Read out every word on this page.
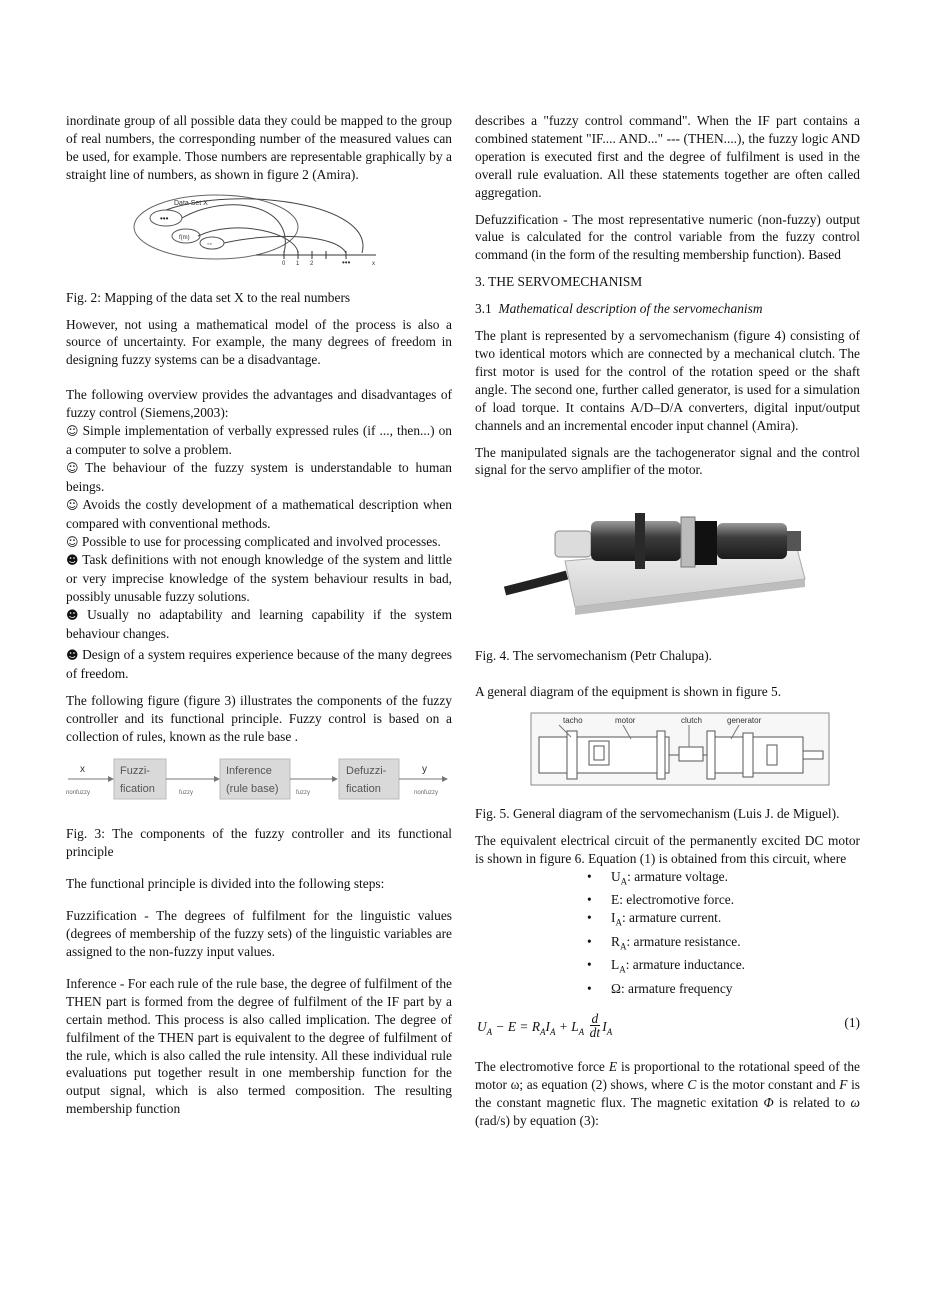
inordinate group of all possible data they could be mapped to the group of real numbers, the corresponding number of the measured values can be used, for example. Those numbers are representable graphically by a straight line of numbers, as shown in figure 2 (Amira).

Data Set X
•••
f(m)
◦◦
0 1 2	•••	x

Fig. 2: Mapping of the data set X to the real numbers

However, not using a mathematical model of the process is also a source of uncertainty. For example, the many degrees of freedom in designing fuzzy systems can be a disadvantage.

The following overview provides the advantages and disadvantages of fuzzy control (Siemens,2003):

☺ Simple implementation of verbally expressed rules (if ..., then...) on a computer to solve a problem.

☺ The behaviour of the fuzzy system is understandable to human beings.

☺ Avoids the costly development of a mathematical description when compared with conventional methods.

☺ Possible to use for processing complicated and involved processes.

☻ Task definitions with not enough knowledge of the system and little or very imprecise knowledge of the system behaviour results in bad, possibly unusable fuzzy solutions.

☻ Usually no adaptability and learning capability if the system behaviour changes.

☻ Design of a system requires experience because of the many degrees of freedom.

The following figure (figure 3) illustrates the components of the fuzzy controller and its functional principle. Fuzzy control is based on a collection of rules, known as the rule base .

x
nonfuzzy
Fuzzi-
fication	fuzzy
Inference
(rule base)	fuzzy
Defuzzi-
fication
y
nonfuzzy

Fig. 3: The components of the fuzzy controller and its functional principle

The functional principle is divided into the following steps:

Fuzzification - The degrees of fulfilment for the linguistic values (degrees of membership of the fuzzy sets) of the linguistic variables are assigned to the non-fuzzy input values.

Inference - For each rule of the rule base, the degree of fulfilment of the THEN part is formed from the degree of fulfilment of the IF part by a certain method. This process is also called implication. The degree of fulfilment of the THEN part is equivalent to the degree of fulfilment of the rule, which is also called the rule intensity. All these individual rule evaluations put together result in one membership function for the output signal, which is also termed composition. The resulting membership function

describes a "fuzzy control command". When the IF part contains a combined statement "IF.... AND..." --- (THEN....), the fuzzy logic AND operation is executed first and the degree of fulfilment is used in the overall rule evaluation. All these statements together are often called aggregation.

Defuzzification - The most representative numeric (non-fuzzy) output value is calculated for the control variable from the fuzzy control command (in the form of the resulting membership function). Based

3. THE SERVOMECHANISM

3.1 Mathematical description of the servomechanism

The plant is represented by a servomechanism (figure 4) consisting of two identical motors which are connected by a mechanical clutch. The first motor is used for the control of the rotation speed or the shaft angle. The second one, further called generator, is used for a simulation of load torque. It contains A/D–D/A converters, digital input/output channels and an incremental encoder input channel (Amira).

The manipulated signals are the tachogenerator signal and the control signal for the servo amplifier of the motor.

Fig. 4. The servomechanism (Petr Chalupa).

A general diagram of the equipment is shown in figure 5.

tacho	motor	clutch	generator

Fig. 5. General diagram of the servomechanism (Luis J. de Miguel).

The equivalent electrical circuit of the permanently excited DC motor is shown in figure 6. Equation (1) is obtained from this circuit, where

• $U_A$: armature voltage.
• E: electromotive force.
• $I_A$: armature current.
• $R_A$: armature resistance.
• $L_A$: armature inductance.
• Ω: armature frequency
$U_A - E = R_AI_A + L_A \frac{d}{dt} I_A$
(1)

The electromotive force E is proportional to the rotational speed of the motor ω; as equation (2) shows, where C is the motor constant and F is the constant magnetic flux. The magnetic exitation Φ is related to ω (rad/s) by equation (3):
